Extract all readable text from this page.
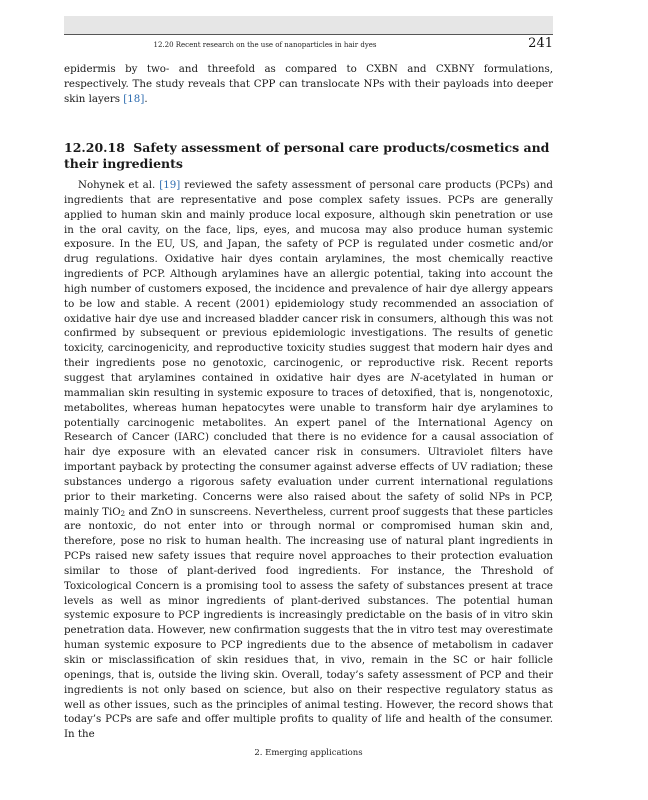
12.20 Recent research on the use of nanoparticles in hair dyes	241

epidermis by two- and threefold as compared to CXBN and CXBNY formulations, respectively. The study reveals that CPP can translocate NPs with their payloads into deeper skin layers [18].

12.20.18 Safety assessment of personal care products/cosmetics and their ingredients

Nohynek et al. [19] reviewed the safety assessment of personal care products (PCPs) and ingredients that are representative and pose complex safety issues. PCPs are generally applied to human skin and mainly produce local exposure, although skin penetration or use in the oral cavity, on the face, lips, eyes, and mucosa may also produce human systemic exposure. In the EU, US, and Japan, the safety of PCP is regulated under cosmetic and/or drug regulations. Oxidative hair dyes contain arylamines, the most chemically reactive ingredients of PCP. Although arylamines have an allergic potential, taking into account the high number of customers exposed, the incidence and prevalence of hair dye allergy appears to be low and stable. A recent (2001) epidemiology study recommended an association of oxidative hair dye use and increased bladder cancer risk in consumers, although this was not confirmed by subsequent or previous epidemiologic investigations. The results of genetic toxicity, carcinogenicity, and reproductive toxicity studies suggest that modern hair dyes and their ingredients pose no genotoxic, carcinogenic, or reproductive risk. Recent reports suggest that arylamines contained in oxidative hair dyes are N-acetylated in human or mammalian skin resulting in systemic exposure to traces of detoxified, that is, nongenotoxic, metabolites, whereas human hepatocytes were unable to transform hair dye arylamines to potentially carcinogenic metabolites. An expert panel of the International Agency on Research of Cancer (IARC) concluded that there is no evidence for a causal association of hair dye exposure with an elevated cancer risk in consumers. Ultraviolet filters have important payback by protecting the consumer against adverse effects of UV radiation; these substances undergo a rigorous safety evaluation under current international regulations prior to their marketing. Concerns were also raised about the safety of solid NPs in PCP, mainly TiO$_2$ and ZnO in sunscreens. Nevertheless, current proof suggests that these particles are nontoxic, do not enter into or through normal or compromised human skin and, therefore, pose no risk to human health. The increasing use of natural plant ingredients in PCPs raised new safety issues that require novel approaches to their protection evaluation similar to those of plant-derived food ingredients. For instance, the Threshold of Toxicological Concern is a promising tool to assess the safety of substances present at trace levels as well as minor ingredients of plant-derived substances. The potential human systemic exposure to PCP ingredients is increasingly predictable on the basis of in vitro skin penetration data. However, new confirmation suggests that the in vitro test may overestimate human systemic exposure to PCP ingredients due to the absence of metabolism in cadaver skin or misclassification of skin residues that, in vivo, remain in the SC or hair follicle openings, that is, outside the living skin. Overall, today’s safety assessment of PCP and their ingredients is not only based on science, but also on their respective regulatory status as well as other issues, such as the principles of animal testing. However, the record shows that today’s PCPs are safe and offer multiple profits to quality of life and health of the consumer. In the

2. Emerging applications
